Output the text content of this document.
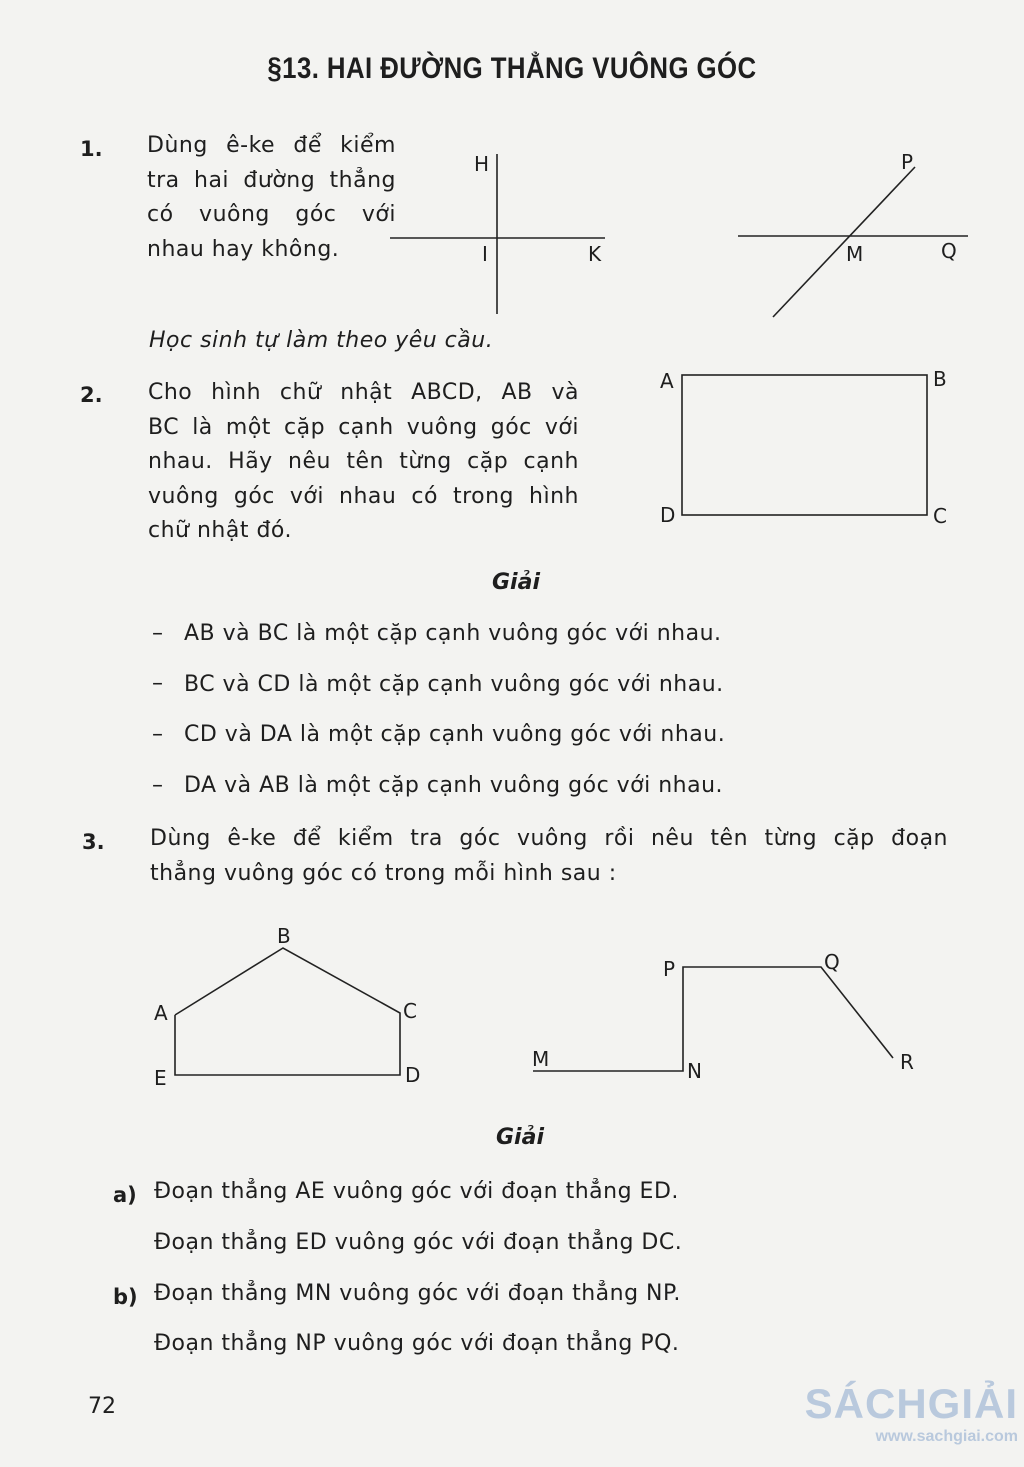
§13. HAI ĐƯỜNG THẲNG VUÔNG GÓC
1. Dùng ê-ke để kiểm
tra hai đường thẳng
có vuông góc với
nhau hay không.
H
I	K
P
M	Q
Học sinh tự làm theo yêu cầu.
2. Cho hình chữ nhật ABCD, AB và
BC là một cặp cạnh vuông góc với
nhau. Hãy nêu tên từng cặp cạnh
vuông góc với nhau có trong hình
chữ nhật đó.
A	B
D	C
Giải
– AB và BC là một cặp cạnh vuông góc với nhau.
– BC và CD là một cặp cạnh vuông góc với nhau.
– CD và DA là một cặp cạnh vuông góc với nhau.
– DA và AB là một cặp cạnh vuông góc với nhau.
3. Dùng ê-ke để kiểm tra góc vuông rồi nêu tên từng cặp đoạn
thẳng vuông góc có trong mỗi hình sau :
B
A	C
D
E
M	N
P	Q
R
Giải
a) Đoạn thẳng AE vuông góc với đoạn thẳng ED.
Đoạn thẳng ED vuông góc với đoạn thẳng DC.
b) Đoạn thẳng MN vuông góc với đoạn thẳng NP.
Đoạn thẳng NP vuông góc với đoạn thẳng PQ.
72	SÁCHGIẢI
www.sachgiai.com
